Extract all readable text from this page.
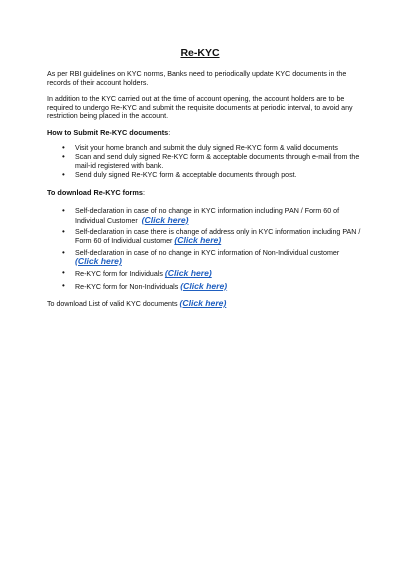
Re-KYC
As per RBI guidelines on KYC norms, Banks need to periodically update KYC documents in the records of their account holders.
In addition to the KYC carried out at the time of account opening, the account holders are to be required to undergo Re-KYC and submit the requisite documents at periodic interval, to avoid any restriction being placed in the account.
How to Submit Re-KYC documents:
• Visit your home branch and submit the duly signed Re-KYC form & valid documents
• Scan and send duly signed Re-KYC form & acceptable documents through e-mail from the mail-id registered with bank.
• Send duly signed Re-KYC form & acceptable documents through post.
To download Re-KYC forms:
• Self-declaration in case of no change in KYC information including PAN / Form 60 of Individual Customer (Click here)
• Self-declaration in case there is change of address only in KYC information including PAN / Form 60 of Individual customer (Click here)
• Self-declaration in case of no change in KYC information of Non-Individual customer (Click here)
• Re-KYC form for Individuals (Click here)
• Re-KYC form for Non-Individuals (Click here)
To download List of valid KYC documents (Click here)
